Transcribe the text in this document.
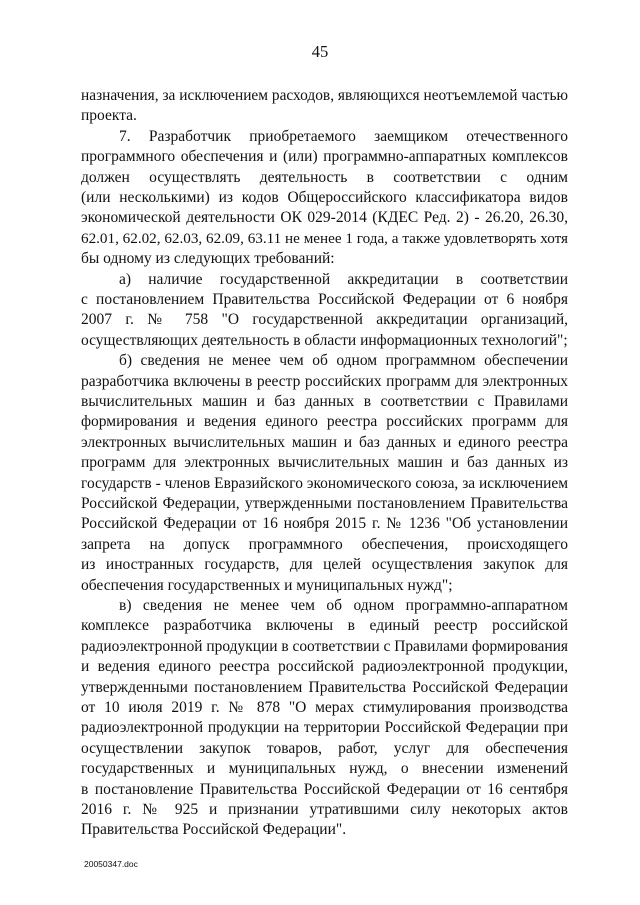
45
назначения, за исключением расходов, являющихся неотъемлемой частью
проекта.
7. Разработчик приобретаемого заемщиком отечественного
программного обеспечения и (или) программно-аппаратных комплексов
должен осуществлять деятельность в соответствии с одним
(или несколькими) из кодов Общероссийского классификатора видов
экономической деятельности ОК 029-2014 (КДЕС Ред. 2) - 26.20, 26.30,
62.01, 62.02, 62.03, 62.09, 63.11 не менее 1 года, а также удовлетворять хотя
бы одному из следующих требований:
а) наличие государственной аккредитации в соответствии
с постановлением Правительства Российской Федерации от 6 ноября
2007 г. № 758 "О государственной аккредитации организаций,
осуществляющих деятельность в области информационных технологий";
б) сведения не менее чем об одном программном обеспечении
разработчика включены в реестр российских программ для электронных
вычислительных машин и баз данных в соответствии с Правилами
формирования и ведения единого реестра российских программ для
электронных вычислительных машин и баз данных и единого реестра
программ для электронных вычислительных машин и баз данных из
государств - членов Евразийского экономического союза, за исключением
Российской Федерации, утвержденными постановлением Правительства
Российской Федерации от 16 ноября 2015 г. № 1236 "Об установлении
запрета на допуск программного обеспечения, происходящего
из иностранных государств, для целей осуществления закупок для
обеспечения государственных и муниципальных нужд";
в) сведения не менее чем об одном программно-аппаратном
комплексе разработчика включены в единый реестр российской
радиоэлектронной продукции в соответствии с Правилами формирования
и ведения единого реестра российской радиоэлектронной продукции,
утвержденными постановлением Правительства Российской Федерации
от 10 июля 2019 г. № 878 "О мерах стимулирования производства
радиоэлектронной продукции на территории Российской Федерации при
осуществлении закупок товаров, работ, услуг для обеспечения
государственных и муниципальных нужд, о внесении изменений
в постановление Правительства Российской Федерации от 16 сентября
2016 г. № 925 и признании утратившими силу некоторых актов
Правительства Российской Федерации".
20050347.doc
